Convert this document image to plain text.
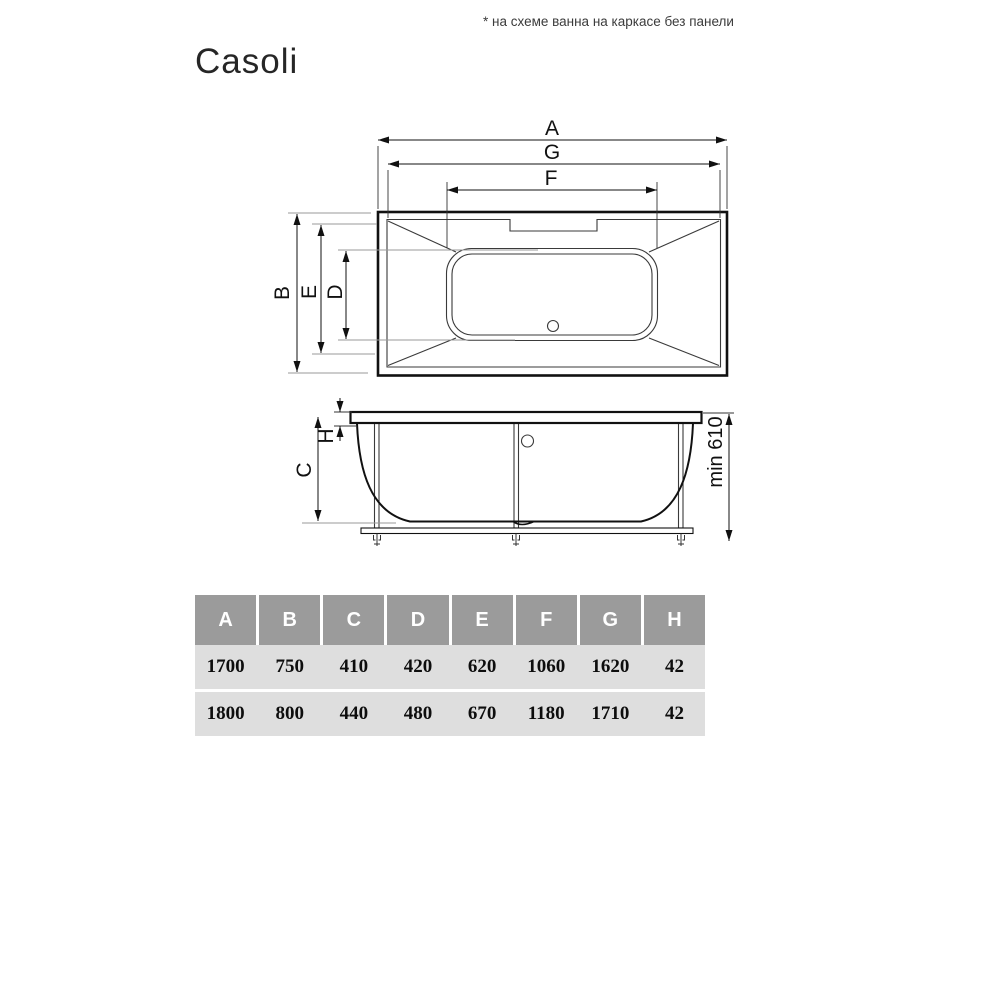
* на схеме ванна на каркасе без панели
Casoli
A
G
F
B E D
H
C	min 610
A	B	C	D	E	F	G	H
1700	750	410	420	620	1060	1620	42
1800	800	440	480	670	1180	1710	42
